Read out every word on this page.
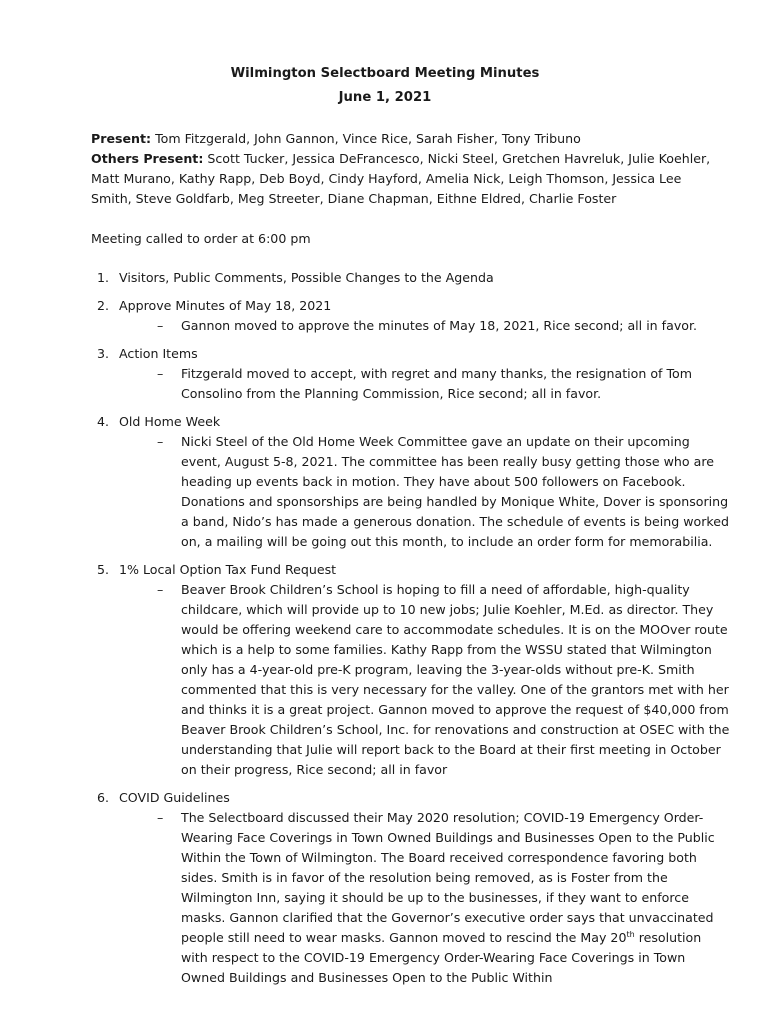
Wilmington Selectboard Meeting Minutes
June 1, 2021
Present: Tom Fitzgerald, John Gannon, Vince Rice, Sarah Fisher, Tony Tribuno
Others Present: Scott Tucker, Jessica DeFrancesco, Nicki Steel, Gretchen Havreluk, Julie Koehler, Matt Murano, Kathy Rapp, Deb Boyd, Cindy Hayford, Amelia Nick, Leigh Thomson, Jessica Lee Smith, Steve Goldfarb, Meg Streeter, Diane Chapman, Eithne Eldred, Charlie Foster
Meeting called to order at 6:00 pm
1. Visitors, Public Comments, Possible Changes to the Agenda
2. Approve Minutes of May 18, 2021

– Gannon moved to approve the minutes of May 18, 2021, Rice second; all in favor.

3. Action Items

– Fitzgerald moved to accept, with regret and many thanks, the resignation of Tom Consolino from the Planning Commission, Rice second; all in favor.

4. Old Home Week

– Nicki Steel of the Old Home Week Committee gave an update on their upcoming event, August 5-8, 2021. The committee has been really busy getting those who are heading up events back in motion. They have about 500 followers on Facebook. Donations and sponsorships are being handled by Monique White, Dover is sponsoring a band, Nido’s has made a generous donation. The schedule of events is being worked on, a mailing will be going out this month, to include an order form for memorabilia.

5. 1% Local Option Tax Fund Request

– Beaver Brook Children’s School is hoping to fill a need of affordable, high-quality childcare, which will provide up to 10 new jobs; Julie Koehler, M.Ed. as director. They would be offering weekend care to accommodate schedules. It is on the MOOver route which is a help to some families. Kathy Rapp from the WSSU stated that Wilmington only has a 4-year-old pre-K program, leaving the 3-year-olds without pre-K. Smith commented that this is very necessary for the valley. One of the grantors met with her and thinks it is a great project. Gannon moved to approve the request of $40,000 from Beaver Brook Children’s School, Inc. for renovations and construction at OSEC with the understanding that Julie will report back to the Board at their first meeting in October on their progress, Rice second; all in favor

6. COVID Guidelines

– The Selectboard discussed their May 2020 resolution; COVID-19 Emergency Order-Wearing Face Coverings in Town Owned Buildings and Businesses Open to the Public Within the Town of Wilmington. The Board received correspondence favoring both sides. Smith is in favor of the resolution being removed, as is Foster from the Wilmington Inn, saying it should be up to the businesses, if they want to enforce masks. Gannon clarified that the Governor’s executive order says that unvaccinated people still need to wear masks. Gannon moved to rescind the May 20th resolution with respect to the COVID-19 Emergency Order-Wearing Face Coverings in Town Owned Buildings and Businesses Open to the Public Within
